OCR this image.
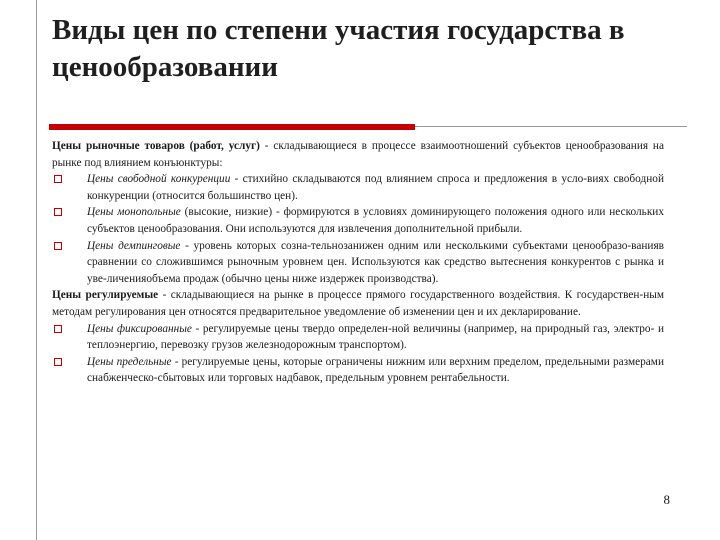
Виды цен по степени участия государства в ценообразовании

Цены рыночные товаров (работ, услуг) - складывающиеся в процессе взаимоотношений субъектов ценообразования на рынке под влиянием конъюнктуры:

Цены свободной конкуренции - стихийно складываются под влиянием спроса и предложения в усло-виях свободной конкуренции (относится большинство цен).

Цены монопольные (высокие, низкие) - формируются в условиях доминирующего положения одного или нескольких субъектов ценообразования. Они используются для извлечения дополнительной прибыли.

Цены демпинговые - уровень которых созна-тельнозанижен одним или несколькими субъектами ценообразо-ванияв сравнении со сложившимся рыночным уровнем цен. Используются как средство вытеснения конкурентов с рынка и уве-личенияобъема продаж (обычно цены ниже издержек производства).

Цены регулируемые - складывающиеся на рынке в процессе прямого государственного воздействия. К государствен-ным методам регулирования цен относятся предварительное уведомление об изменении цен и их декларирование.

Цены фиксированные - регулируемые цены твердо определен-ной величины (например, на природный газ, электро- и теплоэнергию, перевозку грузов железнодорожным транспортом).

Цены предельные - регулируемые цены, которые ограничены нижним или верхним пределом, предельными размерами снабженческо-сбытовых или торговых надбавок, предельным уровнем рентабельности.

8
